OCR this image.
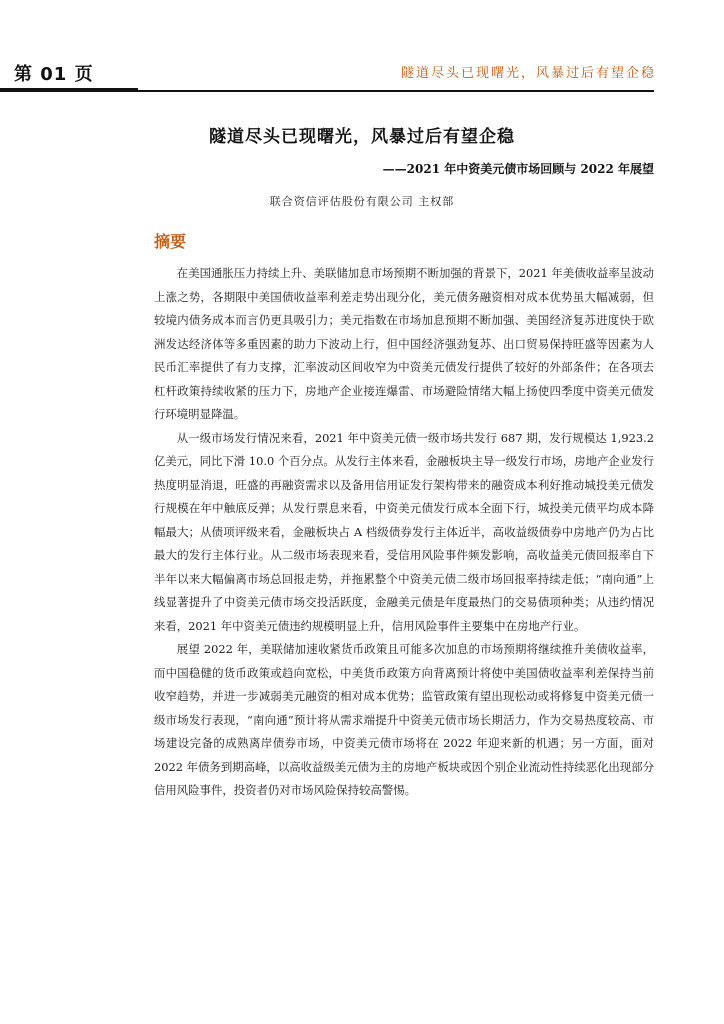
第 01 页	隧道尽头已现曙光，风暴过后有望企稳
隧道尽头已现曙光，风暴过后有望企稳
——2021 年中资美元债市场回顾与 2022 年展望
联合资信评估股份有限公司 主权部
摘要

在美国通胀压力持续上升、美联储加息市场预期不断加强的背景下，2021 年美债收益率呈波动上涨之势，各期限中美国债收益率利差走势出现分化，美元债务融资相对成本优势虽大幅减弱，但较境内债务成本而言仍更具吸引力；美元指数在市场加息预期不断加强、美国经济复苏进度快于欧洲发达经济体等多重因素的助力下波动上行，但中国经济强劲复苏、出口贸易保持旺盛等因素为人民币汇率提供了有力支撑，汇率波动区间收窄为中资美元债发行提供了较好的外部条件；在各项去杠杆政策持续收紧的压力下，房地产企业接连爆雷、市场避险情绪大幅上扬使四季度中资美元债发行环境明显降温。

从一级市场发行情况来看，2021 年中资美元债一级市场共发行 687 期，发行规模达 1,923.2 亿美元，同比下滑 10.0 个百分点。从发行主体来看，金融板块主导一级发行市场，房地产企业发行热度明显消退，旺盛的再融资需求以及备用信用证发行架构带来的融资成本利好推动城投美元债发行规模在年中触底反弹；从发行票息来看，中资美元债发行成本全面下行，城投美元债平均成本降幅最大；从债项评级来看，金融板块占 A 档级债券发行主体近半，高收益级债券中房地产仍为占比最大的发行主体行业。从二级市场表现来看，受信用风险事件频发影响，高收益美元债回报率自下半年以来大幅偏离市场总回报走势，并拖累整个中资美元债二级市场回报率持续走低；“南向通”上线显著提升了中资美元债市场交投活跃度，金融美元债是年度最热门的交易债项种类；从违约情况来看，2021 年中资美元债违约规模明显上升，信用风险事件主要集中在房地产行业。

展望 2022 年，美联储加速收紧货币政策且可能多次加息的市场预期将继续推升美债收益率，而中国稳健的货币政策或趋向宽松，中美货币政策方向背离预计将使中美国债收益率利差保持当前收窄趋势，并进一步减弱美元融资的相对成本优势；监管政策有望出现松动或将修复中资美元债一级市场发行表现，“南向通”预计将从需求端提升中资美元债市场长期活力，作为交易热度较高、市场建设完备的成熟离岸债券市场，中资美元债市场将在 2022 年迎来新的机遇；另一方面，面对 2022 年债务到期高峰，以高收益级美元债为主的房地产板块或因个别企业流动性持续恶化出现部分信用风险事件，投资者仍对市场风险保持较高警惕。
